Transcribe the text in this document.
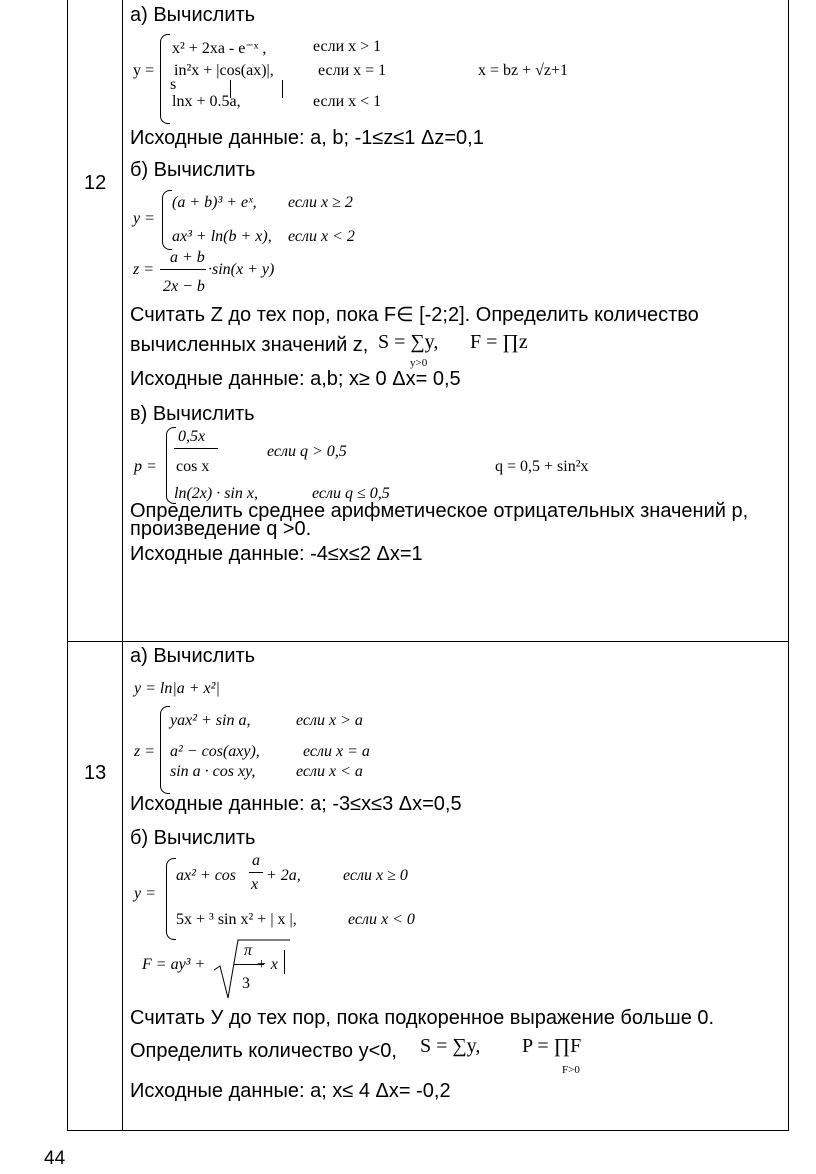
12
а) Вычислить
y =
x² + 2xa - e⁻ˣ ,	если x > 1
in²x + |cos(ax)|,
s
если x = 1
lnx + 0.5a,	если x < 1
x = bz + √z+1
Исходные данные: a, b; -1≤z≤1 Δz=0,1
б) Вычислить
y =
(a + b)³ + eˣ, если x ≥ 2
ax³ + ln(b + x), если x < 2
z =
a + b
2x − b
·sin(x + y)
Считать Z до тех пор, пока F∈ [-2;2]. Определить количество
вычисленных значений z, S = ∑y,
y>0
F = ∏z
Исходные данные: a,b; x≥ 0 Δx= 0,5
в) Вычислить
p =
0,5x
cos x
если q > 0,5
ln(2x) · sin x,	если q ≤ 0,5
q = 0,5 + sin²x
Определить среднее арифметическое отрицательных значений р,
произведение q >0.
Исходные данные: -4≤x≤2 Δx=1
13
а) Вычислить
y = ln|a + x²|
z =
yax² + sin a,	если x > a
a² − cos(axy),	если x = a
sin a · cos xy,	если x < a
Исходные данные: a; -3≤x≤3 Δx=0,5
б) Вычислить
y =
ax² + cos
a
x
+ 2a,	если x ≥ 0
5x + ³ sin x² + | x |,	если x < 0
F = ay³ +
π
3
+ x
Считать У до тех пор, пока подкоренное выражение больше 0.
Определить количество y<0, S = ∑y, P = ∏F
F>0
Исходные данные: a; x≤ 4 Δx= -0,2
44
